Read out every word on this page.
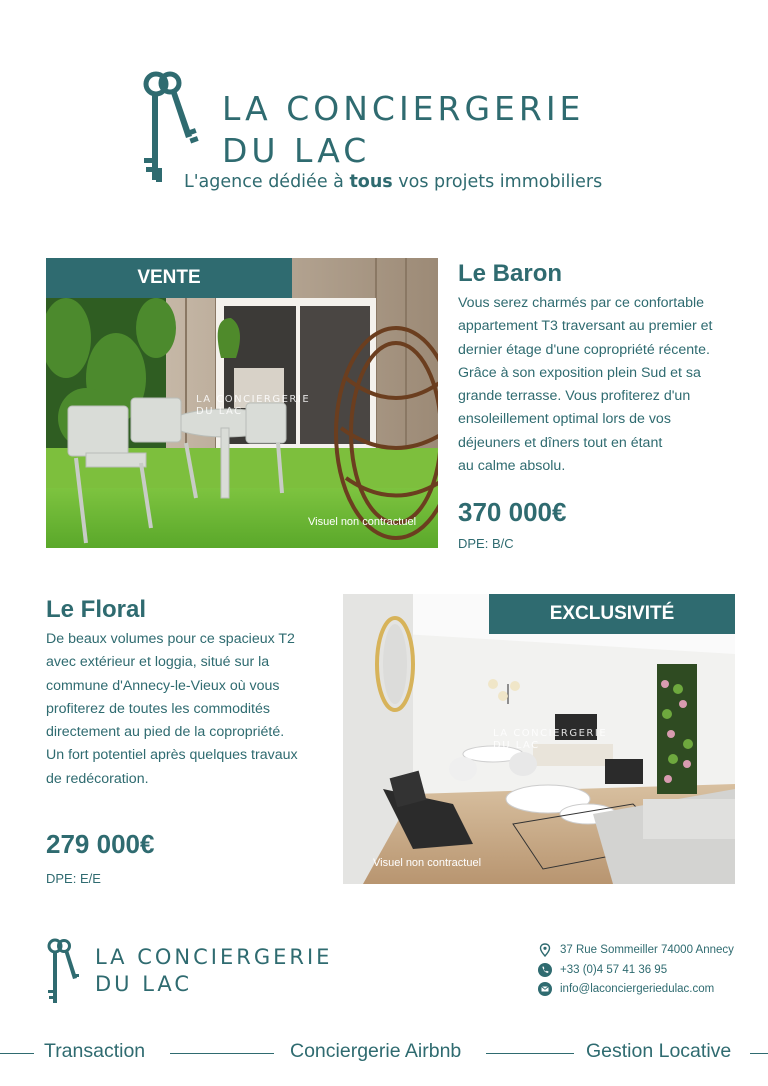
LA CONCIERGERIE
DU LAC
L'agence dédiée à tous vos projets immobiliers
LA CONCIERGERIE
DU LAC
Visuel non contractuel
VENTE	Le Baron
Vous serez charmés par ce confortable
appartement T3 traversant au premier et
dernier étage d'une copropriété récente.
Grâce à son exposition plein Sud et sa
grande terrasse. Vous profiterez d'un
ensoleillement optimal lors de vos
déjeuners et dîners tout en étant
au calme absolu.
370 000€
DPE: B/C
Le Floral
De beaux volumes pour ce spacieux T2
avec extérieur et loggia, situé sur la
commune d'Annecy-le-Vieux où vous
profiterez de toutes les commodités
directement au pied de la copropriété.
Un fort potentiel après quelques travaux
de redécoration.
279 000€
DPE: E/E
LA CONCIERGERIE
DU LAC
Visuel non contractuel
EXCLUSIVITÉ
LA CONCIERGERIE
DU LAC
37 Rue Sommeiller 74000 Annecy
+33 (0)4 57 41 36 95
info@laconciergeriedulac.com
Transaction	Conciergerie Airbnb	Gestion Locative
